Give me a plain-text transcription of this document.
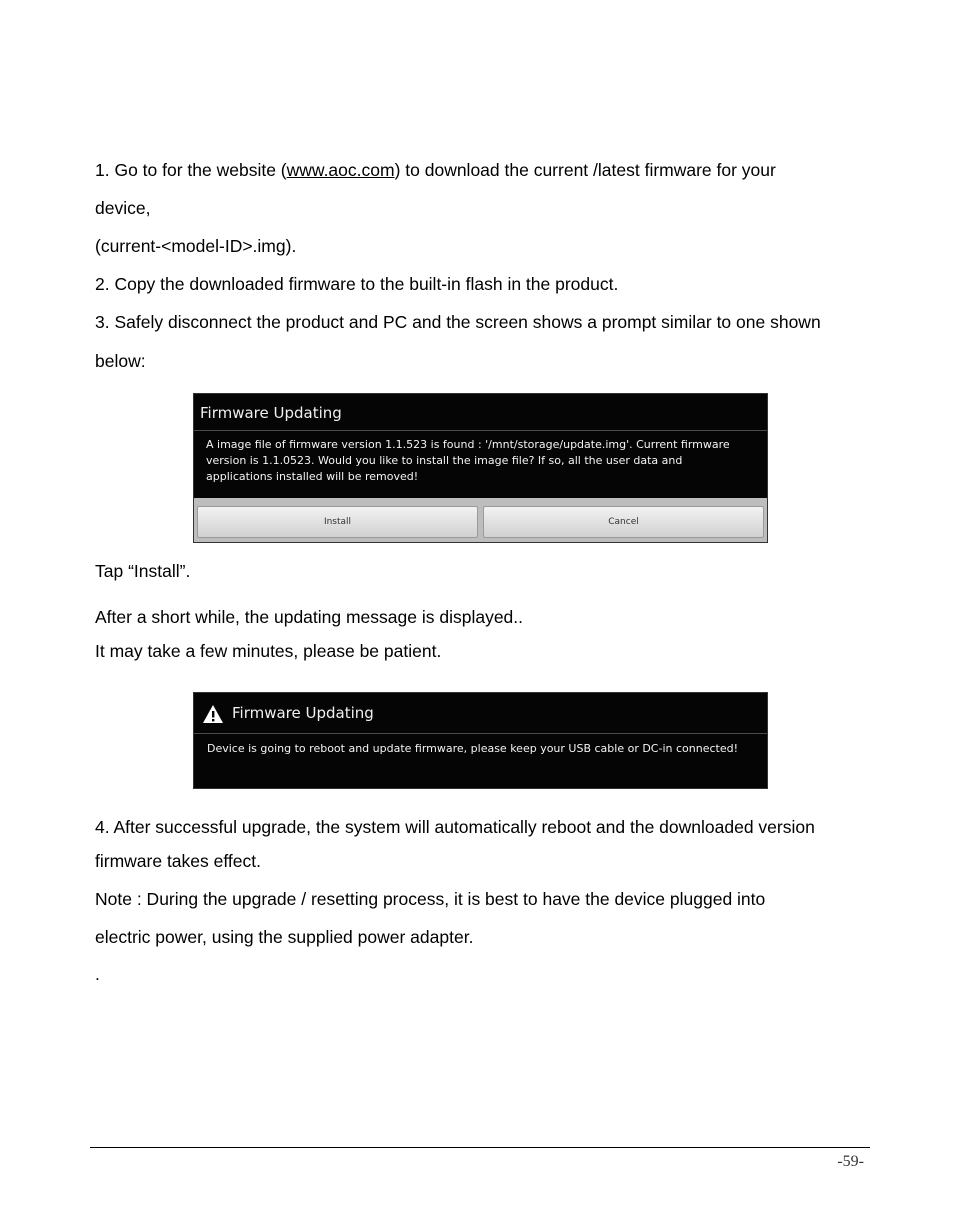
1. Go to for the website (www.aoc.com) to download the current /latest firmware for your
device,
(current-<model-ID>.img).
2. Copy the downloaded firmware to the built-in flash in the product.
3. Safely disconnect the product and PC and the screen shows a prompt similar to one shown
below:
Firmware Updating
A image file of firmware version 1.1.523 is found : '/mnt/storage/update.img'. Current firmware version is 1.1.0523. Would you like to install the image file? If so, all the user data and applications installed will be removed!
Install	Cancel
Tap “Install”.
After a short while, the updating message is displayed..
It may take a few minutes, please be patient.
Firmware Updating
Device is going to reboot and update firmware, please keep your USB cable or DC-in connected!
4. After successful upgrade, the system will automatically reboot and the downloaded version
firmware takes effect.
Note : During the upgrade / resetting process, it is best to have the device plugged into
electric power, using the supplied power adapter.
.
-59-
